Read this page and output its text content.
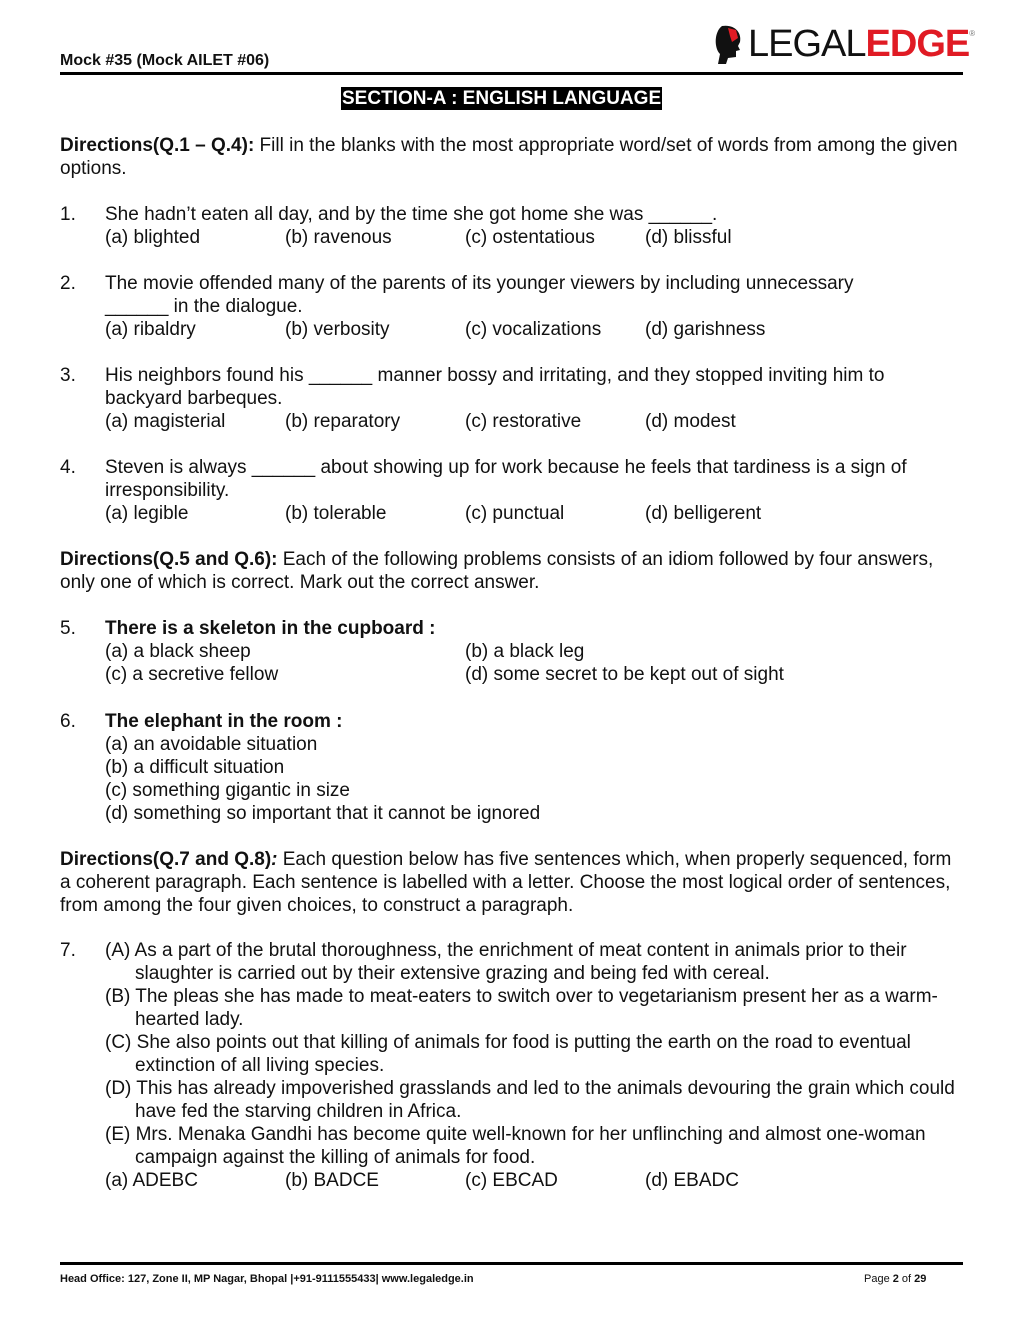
Mock #35 (Mock AILET #06)	LEGAL EDGE ®
SECTION-A : ENGLISH LANGUAGE
Directions(Q.1 – Q.4): Fill in the blanks with the most appropriate word/set of words from among the given options.
1. She hadn’t eaten all day, and by the time she got home she was ______.
(a) blighted	(b) ravenous	(c) ostentatious	(d) blissful
2. The movie offended many of the parents of its younger viewers by including unnecessary ______ in the dialogue.
(a) ribaldry	(b) verbosity	(c) vocalizations	(d) garishness
3. His neighbors found his ______ manner bossy and irritating, and they stopped inviting him to backyard barbeques.
(a) magisterial	(b) reparatory	(c) restorative	(d) modest
4. Steven is always ______ about showing up for work because he feels that tardiness is a sign of irresponsibility.
(a) legible	(b) tolerable	(c) punctual	(d) belligerent
Directions(Q.5 and Q.6): Each of the following problems consists of an idiom followed by four answers, only one of which is correct. Mark out the correct answer.
5. There is a skeleton in the cupboard :
(a) a black sheep	(b) a black leg
(c) a secretive fellow	(d) some secret to be kept out of sight
6. The elephant in the room :
(a) an avoidable situation
(b) a difficult situation
(c) something gigantic in size
(d) something so important that it cannot be ignored
Directions(Q.7 and Q.8): Each question below has five sentences which, when properly sequenced, form a coherent paragraph. Each sentence is labelled with a letter. Choose the most logical order of sentences, from among the four given choices, to construct a paragraph.
7. (A) As a part of the brutal thoroughness, the enrichment of meat content in animals prior to their slaughter is carried out by their extensive grazing and being fed with cereal.
(B) The pleas she has made to meat-eaters to switch over to vegetarianism present her as a warm-hearted lady.
(C) She also points out that killing of animals for food is putting the earth on the road to eventual extinction of all living species.
(D) This has already impoverished grasslands and led to the animals devouring the grain which could have fed the starving children in Africa.
(E) Mrs. Menaka Gandhi has become quite well-known for her unflinching and almost one-woman campaign against the killing of animals for food.
(a) ADEBC	(b) BADCE	(c) EBCAD	(d) EBADC
Head Office: 127, Zone II, MP Nagar, Bhopal |+91-9111555433| www.legaledge.in	Page 2 of 29
